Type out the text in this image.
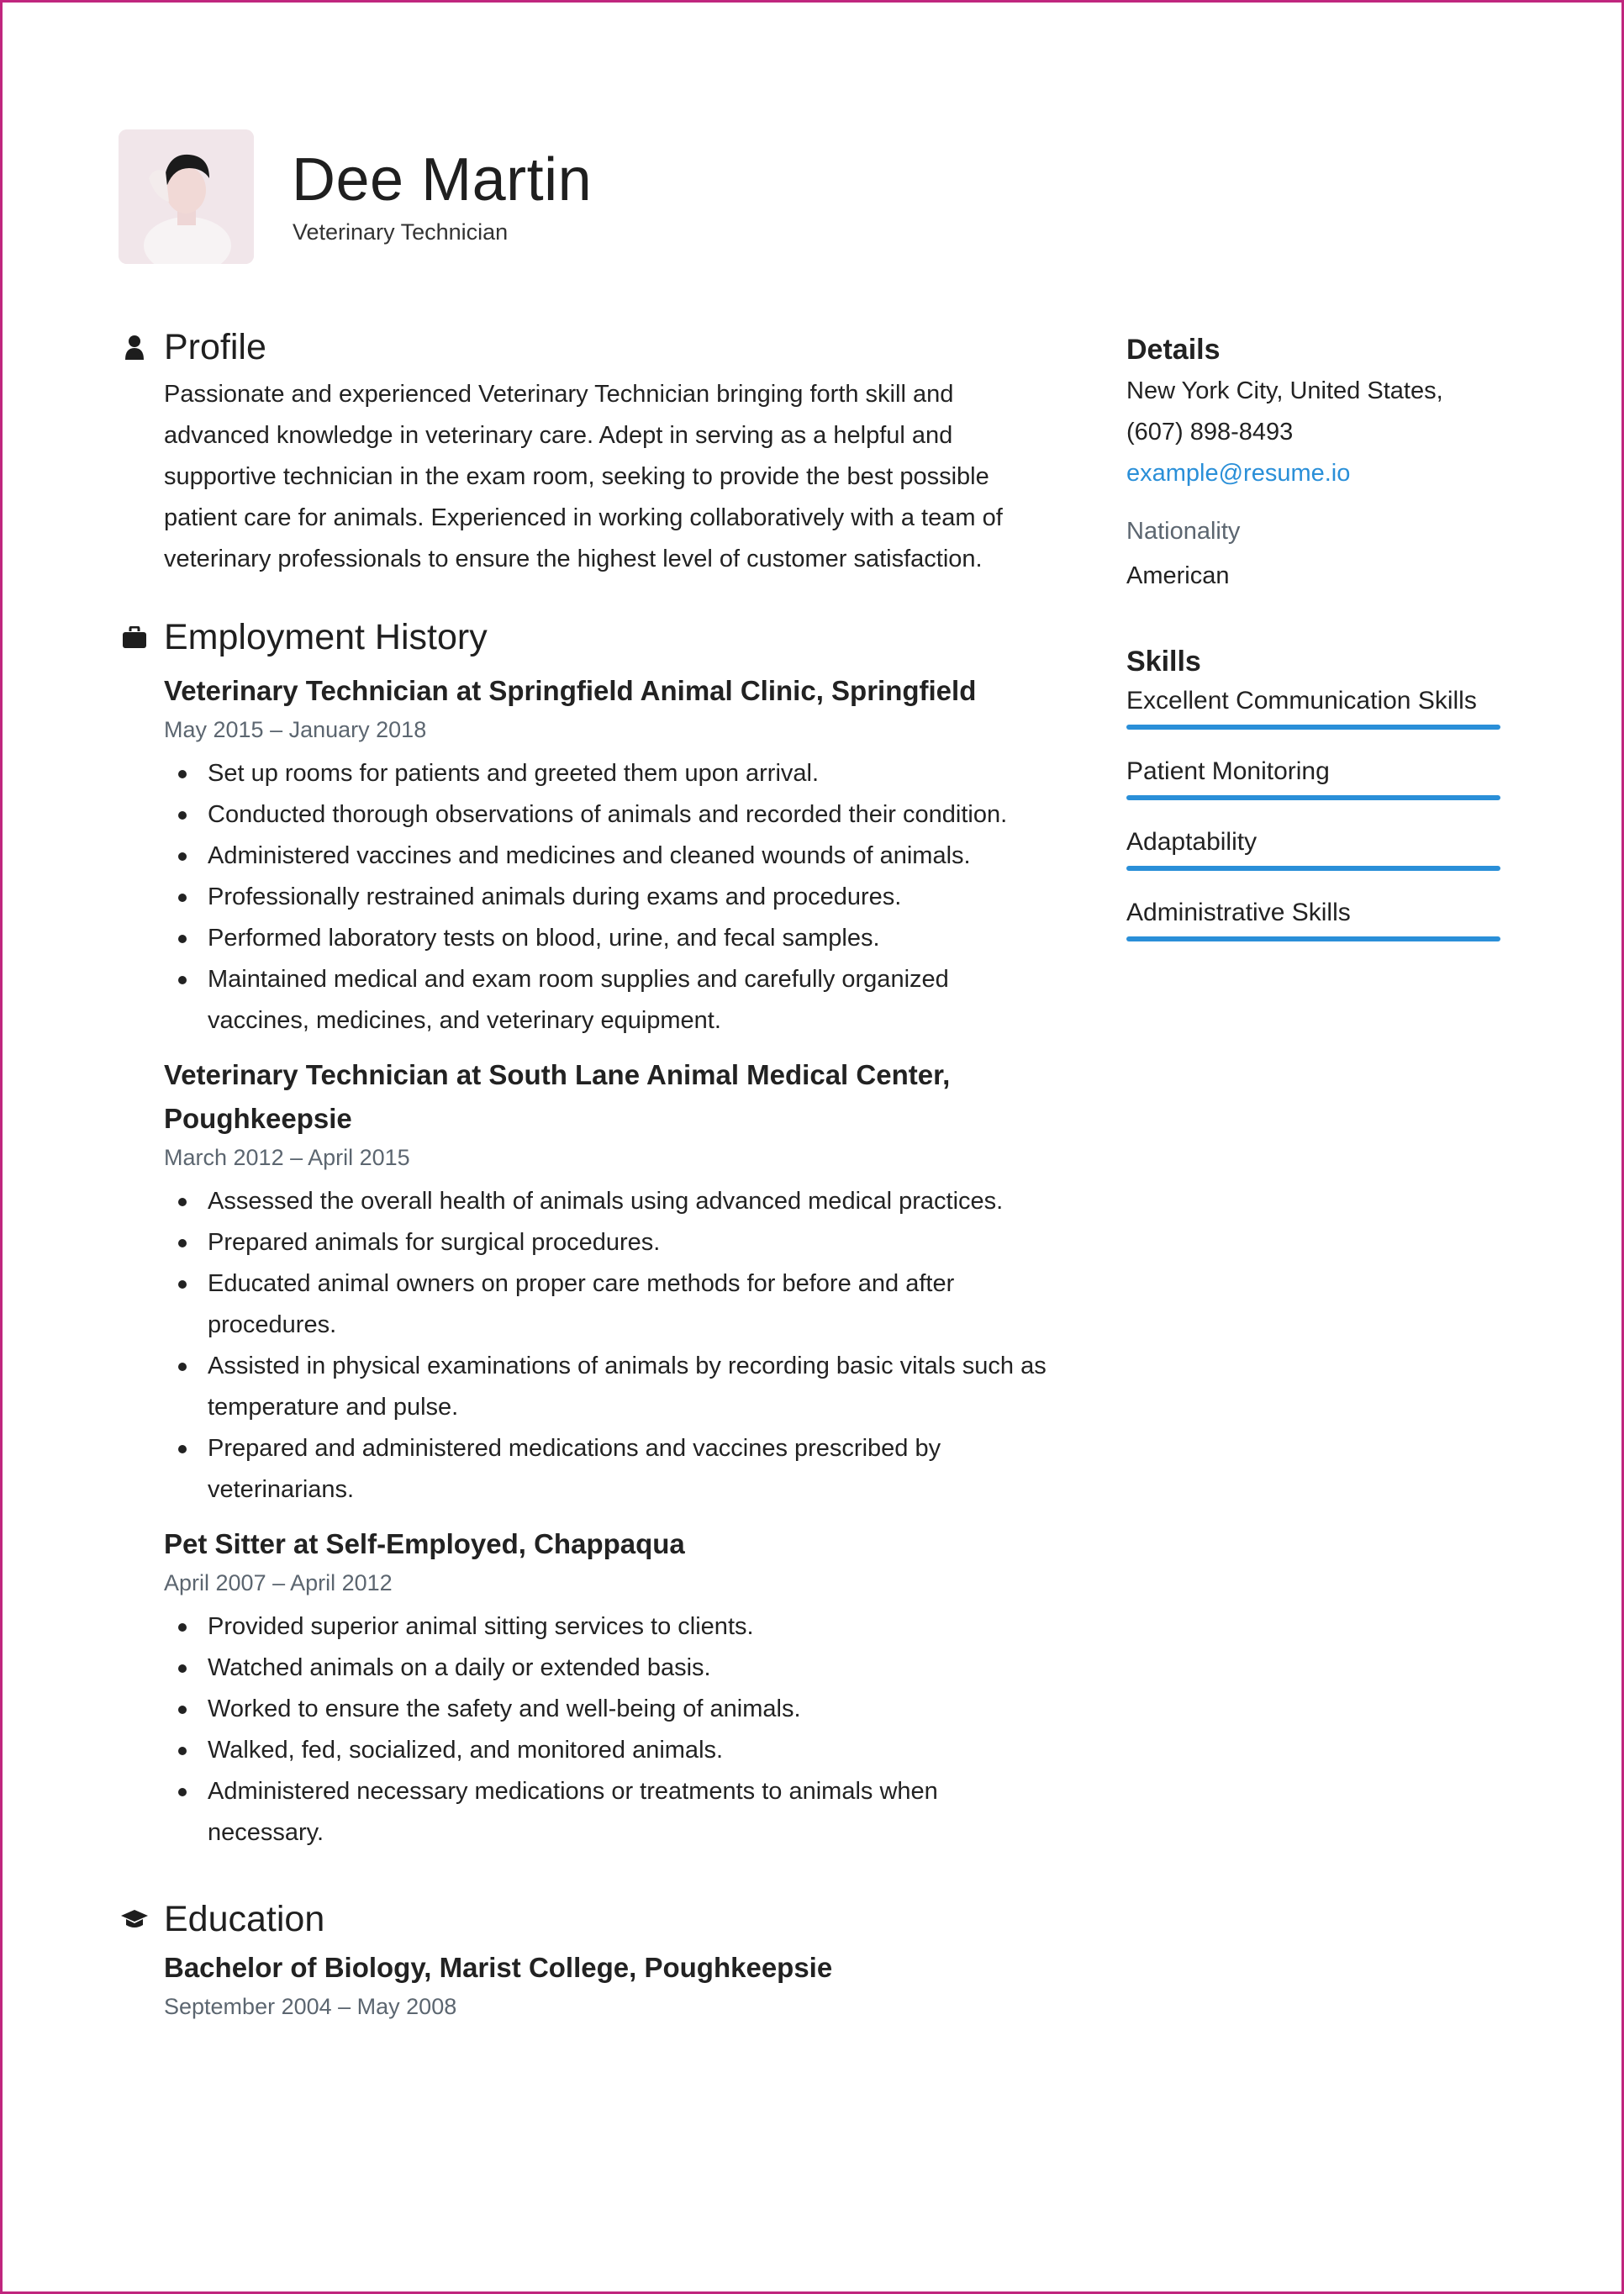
Dee Martin
Veterinary Technician
Profile
Passionate and experienced Veterinary Technician bringing forth skill and advanced knowledge in veterinary care. Adept in serving as a helpful and supportive technician in the exam room, seeking to provide the best possible patient care for animals. Experienced in working collaboratively with a team of veterinary professionals to ensure the highest level of customer satisfaction.
Employment History
Veterinary Technician at Springfield Animal Clinic, Springfield
May 2015 – January 2018
Set up rooms for patients and greeted them upon arrival.
Conducted thorough observations of animals and recorded their condition.
Administered vaccines and medicines and cleaned wounds of animals.
Professionally restrained animals during exams and procedures.
Performed laboratory tests on blood, urine, and fecal samples.
Maintained medical and exam room supplies and carefully organized vaccines, medicines, and veterinary equipment.
Veterinary Technician at South Lane Animal Medical Center, Poughkeepsie
March 2012 – April 2015
Assessed the overall health of animals using advanced medical practices.
Prepared animals for surgical procedures.
Educated animal owners on proper care methods for before and after procedures.
Assisted in physical examinations of animals by recording basic vitals such as temperature and pulse.
Prepared and administered medications and vaccines prescribed by veterinarians.
Pet Sitter at Self-Employed, Chappaqua
April 2007 – April 2012
Provided superior animal sitting services to clients.
Watched animals on a daily or extended basis.
Worked to ensure the safety and well-being of animals.
Walked, fed, socialized, and monitored animals.
Administered necessary medications or treatments to animals when necessary.
Education
Bachelor of Biology, Marist College, Poughkeepsie
September 2004 – May 2008
Details
New York City, United States,
(607) 898-8493
example@resume.io
Nationality
American
Skills
Excellent Communication Skills
Patient Monitoring
Adaptability
Administrative Skills
